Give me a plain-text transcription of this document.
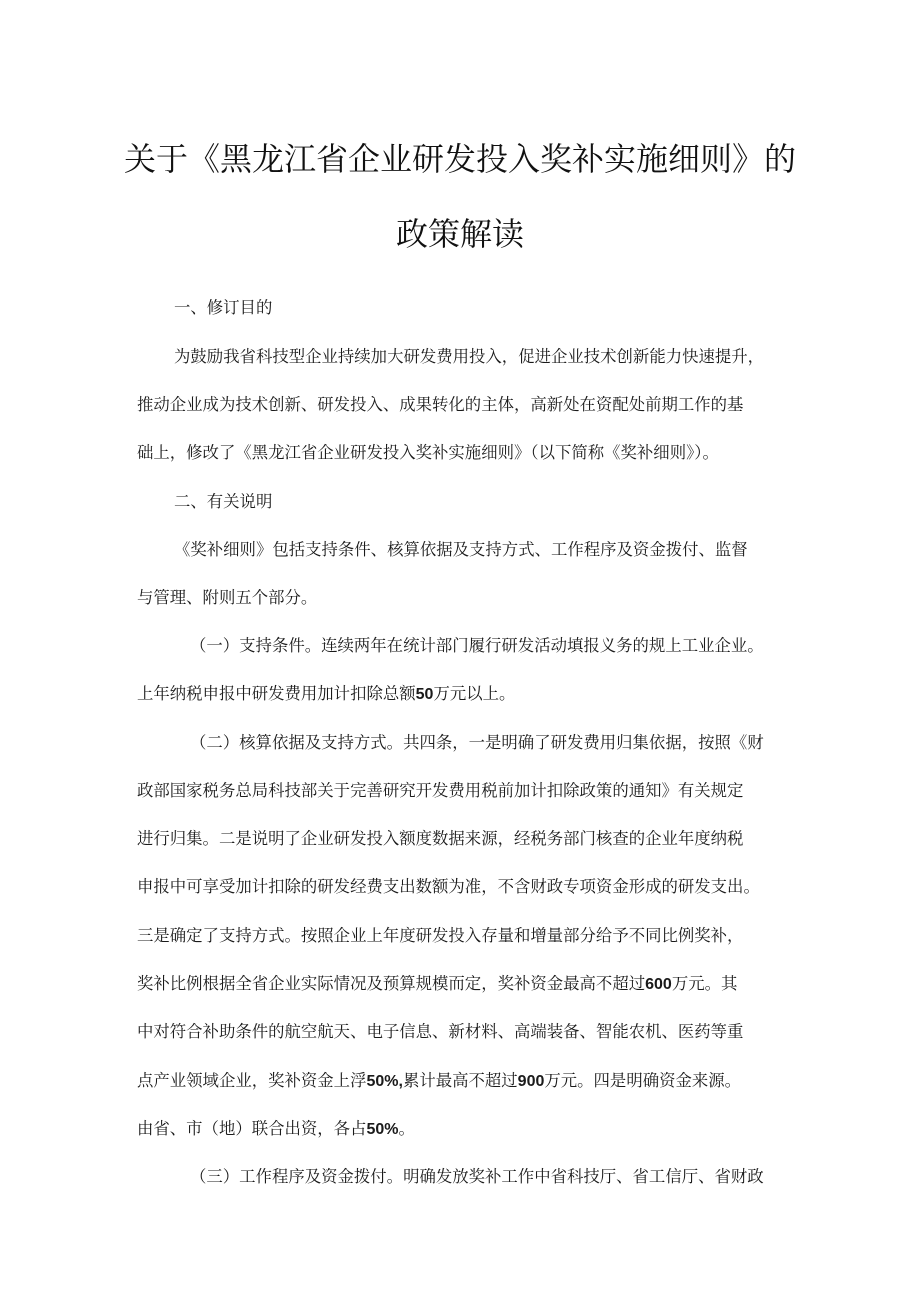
关于《黑龙江省企业研发投入奖补实施细则》的
政策解读
一、修订目的
为鼓励我省科技型企业持续加大研发费用投入，促进企业技术创新能力快速提升，
推动企业成为技术创新、研发投入、成果转化的主体，高新处在资配处前期工作的基
础上，修改了《黑龙江省企业研发投入奖补实施细则》（以下简称《奖补细则》）。
二、有关说明
《奖补细则》包括支持条件、核算依据及支持方式、工作程序及资金拨付、监督
与管理、附则五个部分。
（一）支持条件。连续两年在统计部门履行研发活动填报义务的规上工业企业。
上年纳税申报中研发费用加计扣除总额50万元以上。
（二）核算依据及支持方式。共四条，一是明确了研发费用归集依据，按照《财
政部国家税务总局科技部关于完善研究开发费用税前加计扣除政策的通知》有关规定
进行归集。二是说明了企业研发投入额度数据来源，经税务部门核查的企业年度纳税
申报中可享受加计扣除的研发经费支出数额为准，不含财政专项资金形成的研发支出。
三是确定了支持方式。按照企业上年度研发投入存量和增量部分给予不同比例奖补，
奖补比例根据全省企业实际情况及预算规模而定，奖补资金最高不超过600万元。其
中对符合补助条件的航空航天、电子信息、新材料、高端装备、智能农机、医药等重
点产业领域企业，奖补资金上浮50%,累计最高不超过900万元。四是明确资金来源。
由省、市（地）联合出资，各占50%。
（三）工作程序及资金拨付。明确发放奖补工作中省科技厅、省工信厅、省财政
